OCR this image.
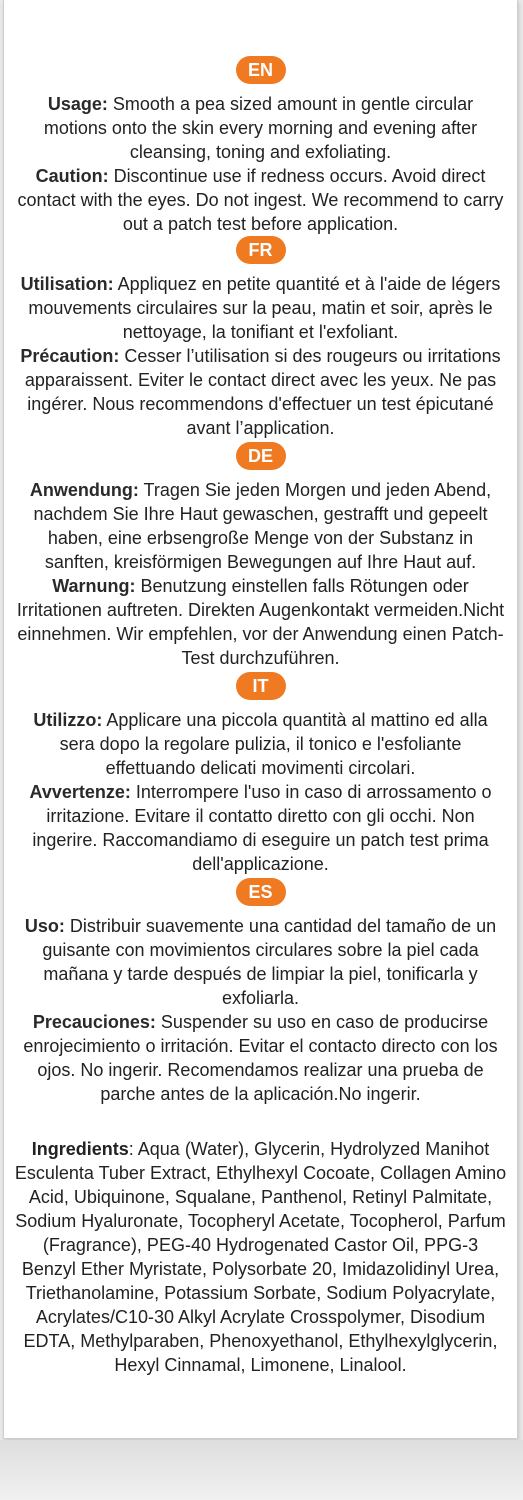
EN

Usage: Smooth a pea sized amount in gentle circular motions onto the skin every morning and evening after cleansing, toning and exfoliating.

Caution: Discontinue use if redness occurs. Avoid direct contact with the eyes. Do not ingest. We recommend to carry out a patch test before application.

FR

Utilisation: Appliquez en petite quantité et à l'aide de légers mouvements circulaires sur la peau, matin et soir, après le nettoyage, la tonifiant et l'exfoliant.

Précaution: Cesser l’utilisation si des rougeurs ou irritations apparaissent. Eviter le contact direct avec les yeux. Ne pas ingérer. Nous recommendons d'effectuer un test épicutané avant l’application.

DE

Anwendung: Tragen Sie jeden Morgen und jeden Abend, nachdem Sie Ihre Haut gewaschen, gestrafft und gepeelt haben, eine erbsengroße Menge von der Substanz in sanften, kreisförmigen Bewegungen auf Ihre Haut auf.

Warnung: Benutzung einstellen falls Rötungen oder Irritationen auftreten. Direkten Augenkontakt vermeiden.Nicht einnehmen. Wir empfehlen, vor der Anwendung einen Patch-Test durchzuführen.

IT

Utilizzo: Applicare una piccola quantità al mattino ed alla sera dopo la regolare pulizia, il tonico e l'esfoliante effettuando delicati movimenti circolari.

Avvertenze: Interrompere l'uso in caso di arrossamento o irritazione. Evitare il contatto diretto con gli occhi. Non ingerire. Raccomandiamo di eseguire un patch test prima dell'applicazione.

ES

Uso: Distribuir suavemente una cantidad del tamaño de un guisante con movimientos circulares sobre la piel cada mañana y tarde después de limpiar la piel, tonificarla y exfoliarla.

Precauciones: Suspender su uso en caso de producirse enrojecimiento o irritación. Evitar el contacto directo con los ojos. No ingerir. Recomendamos realizar una prueba de parche antes de la aplicación.No ingerir.

Ingredients: Aqua (Water), Glycerin, Hydrolyzed Manihot Esculenta Tuber Extract, Ethylhexyl Cocoate, Collagen Amino Acid, Ubiquinone, Squalane, Panthenol, Retinyl Palmitate, Sodium Hyaluronate, Tocopheryl Acetate, Tocopherol, Parfum (Fragrance), PEG-40 Hydrogenated Castor Oil, PPG-3 Benzyl Ether Myristate, Polysorbate 20, Imidazolidinyl Urea, Triethanolamine, Potassium Sorbate, Sodium Polyacrylate, Acrylates/C10-30 Alkyl Acrylate Crosspolymer, Disodium EDTA, Methylparaben, Phenoxyethanol, Ethylhexylglycerin, Hexyl Cinnamal, Limonene, Linalool.
